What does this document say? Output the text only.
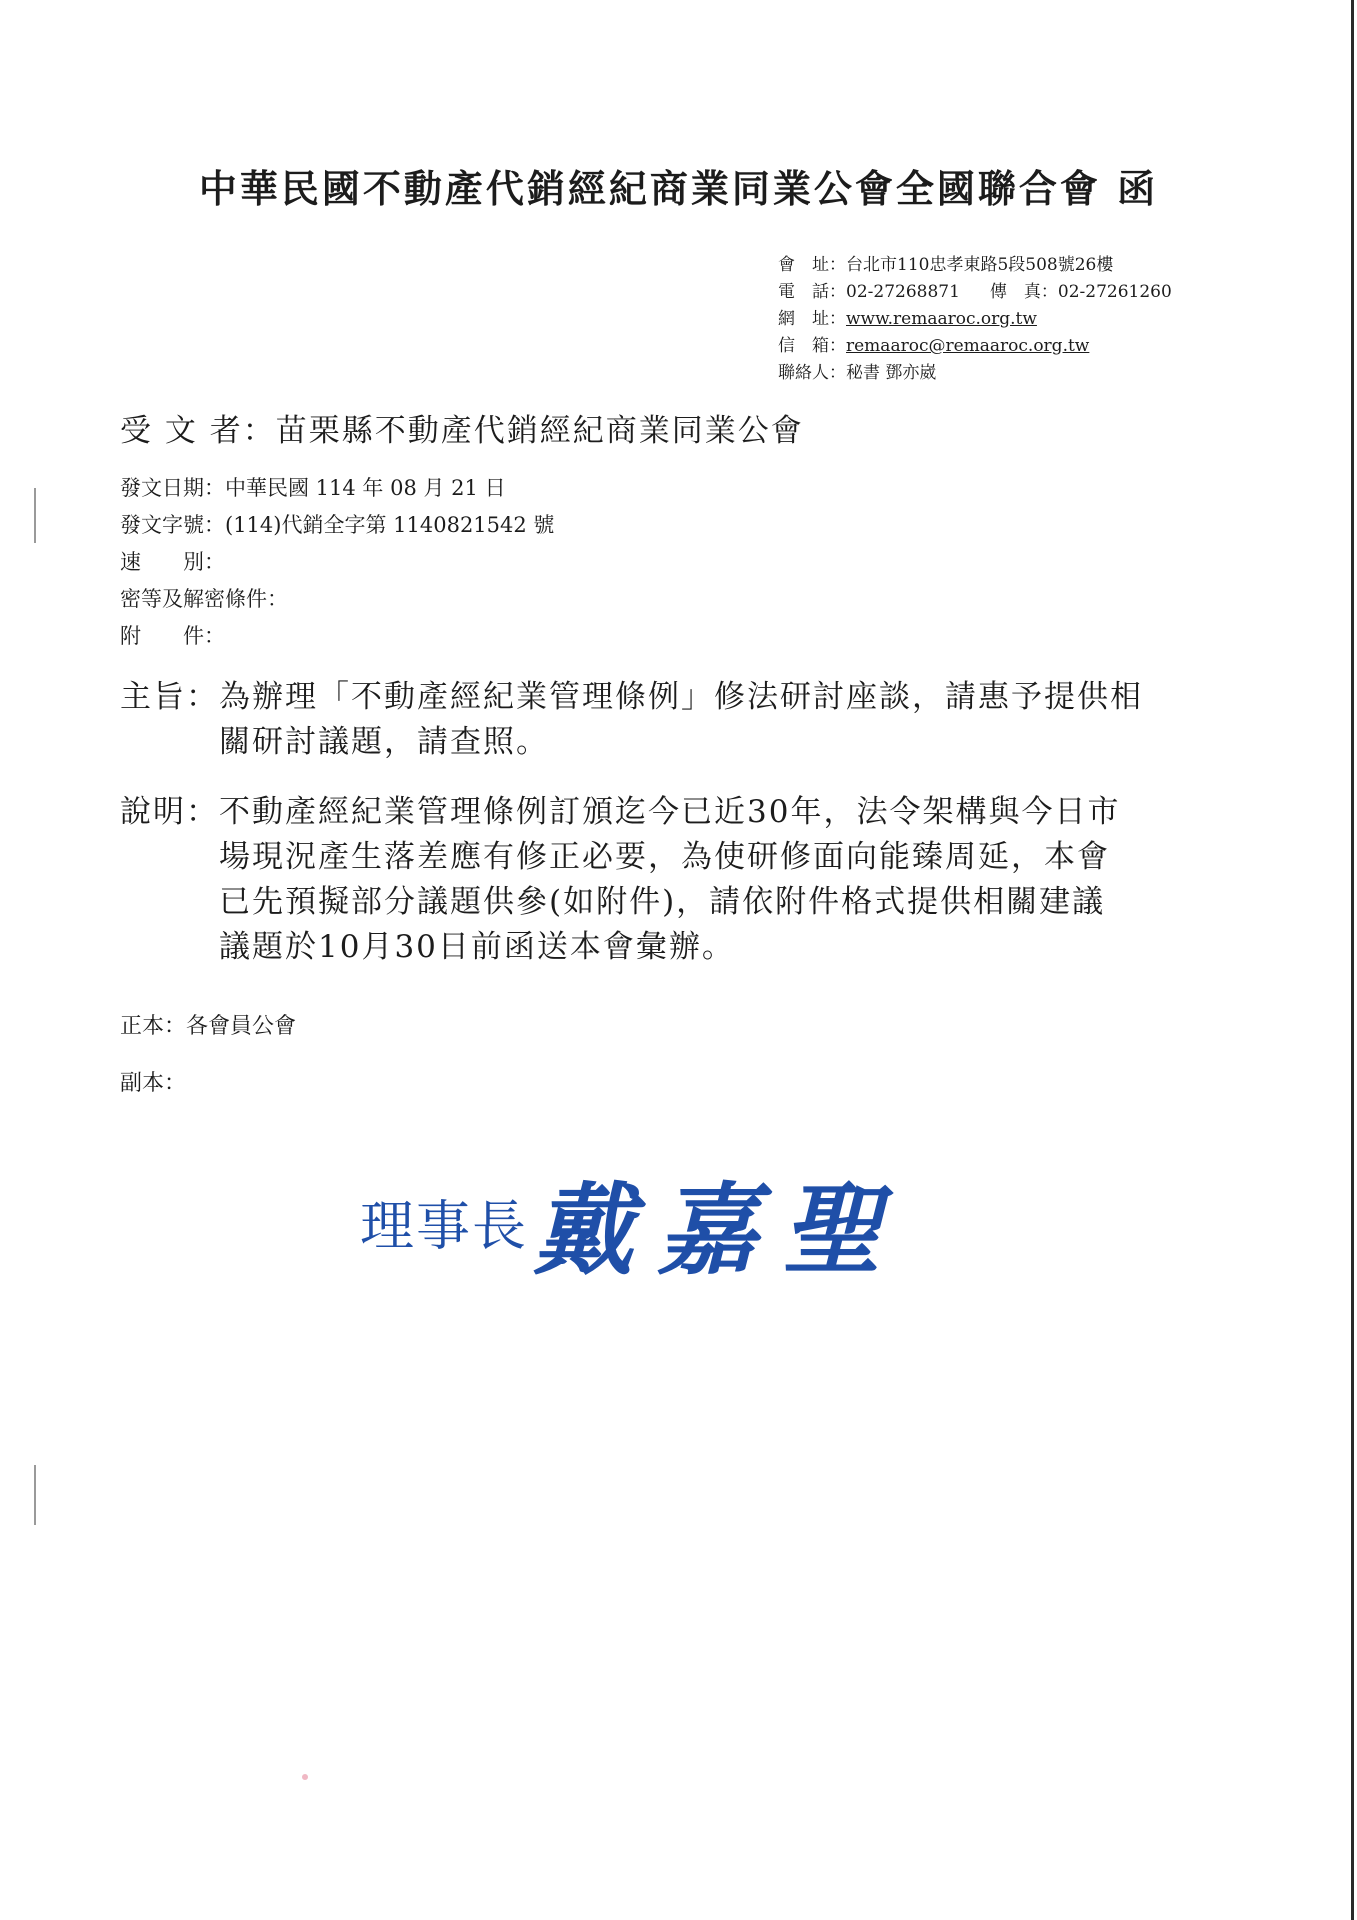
中華民國不動產代銷經紀商業同業公會全國聯合會 函
會　址： 台北市110忠孝東路5段508號26樓
電　話： 02-27268871 傳　真： 02-27261260
網　址： www.remaaroc.org.tw
信　箱： remaaroc@remaaroc.org.tw
聯絡人： 秘書 鄧亦崴
受 文 者：苗栗縣不動產代銷經紀商業同業公會
發文日期：中華民國 114 年 08 月 21 日
發文字號：(114)代銷全字第 1140821542 號
速　　別：
密等及解密條件：
附　　件：
主旨： 為辦理「不動產經紀業管理條例」修法研討座談，請惠予提供相
關研討議題，請查照。
說明： 不動產經紀業管理條例訂頒迄今已近30年，法令架構與今日市
場現況產生落差應有修正必要，為使研修面向能臻周延，本會
已先預擬部分議題供參(如附件)，請依附件格式提供相關建議
議題於10月30日前函送本會彙辦。
正本：各會員公會
副本：
理事長 戴嘉聖
